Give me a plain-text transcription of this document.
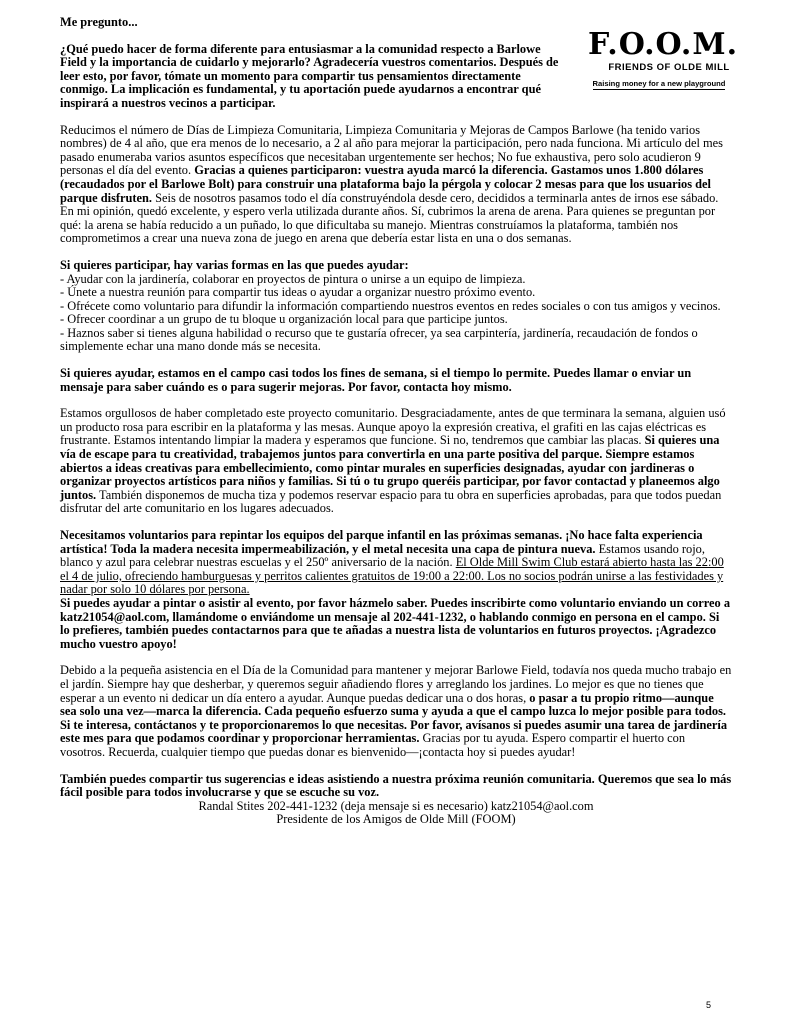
F.O.O.M.
FRIENDS OF OLDE MILL
Raising money for a new playground

Me pregunto...

¿Qué puedo hacer de forma diferente para entusiasmar a la comunidad respecto a Barlowe Field y la importancia de cuidarlo y mejorarlo? Agradecería vuestros comentarios. Después de leer esto, por favor, tómate un momento para compartir tus pensamientos directamente conmigo. La implicación es fundamental, y tu aportación puede ayudarnos a encontrar qué inspirará a nuestros vecinos a participar.

Reducimos el número de Días de Limpieza Comunitaria, Limpieza Comunitaria y Mejoras de Campos Barlowe (ha tenido varios nombres) de 4 al año, que era menos de lo necesario, a 2 al año para mejorar la participación, pero nada funciona. Mi artículo del mes pasado enumeraba varios asuntos específicos que necesitaban urgentemente ser hechos; No fue exhaustiva, pero solo acudieron 9 personas el día del evento. Gracias a quienes participaron: vuestra ayuda marcó la diferencia. Gastamos unos 1.800 dólares (recaudados por el Barlowe Bolt) para construir una plataforma bajo la pérgola y colocar 2 mesas para que los usuarios del parque disfruten. Seis de nosotros pasamos todo el día construyéndola desde cero, decididos a terminarla antes de irnos ese sábado. En mi opinión, quedó excelente, y espero verla utilizada durante años. Sí, cubrimos la arena de arena. Para quienes se preguntan por qué: la arena se había reducido a un puñado, lo que dificultaba su manejo. Mientras construíamos la plataforma, también nos comprometimos a crear una nueva zona de juego en arena que debería estar lista en una o dos semanas.

Si quieres participar, hay varias formas en las que puedes ayudar:

- Ayudar con la jardinería, colaborar en proyectos de pintura o unirse a un equipo de limpieza.
- Únete a nuestra reunión para compartir tus ideas o ayudar a organizar nuestro próximo evento.
- Ofrécete como voluntario para difundir la información compartiendo nuestros eventos en redes sociales o con tus amigos y vecinos.
- Ofrecer coordinar a un grupo de tu bloque u organización local para que participe juntos.
- Haznos saber si tienes alguna habilidad o recurso que te gustaría ofrecer, ya sea carpintería, jardinería, recaudación de fondos o simplemente echar una mano donde más se necesita.

Si quieres ayudar, estamos en el campo casi todos los fines de semana, si el tiempo lo permite. Puedes llamar o enviar un mensaje para saber cuándo es o para sugerir mejoras. Por favor, contacta hoy mismo.

Estamos orgullosos de haber completado este proyecto comunitario. Desgraciadamente, antes de que terminara la semana, alguien usó un producto rosa para escribir en la plataforma y las mesas. Aunque apoyo la expresión creativa, el grafiti en las cajas eléctricas es frustrante. Estamos intentando limpiar la madera y esperamos que funcione. Si no, tendremos que cambiar las placas. Si quieres una vía de escape para tu creatividad, trabajemos juntos para convertirla en una parte positiva del parque. Siempre estamos abiertos a ideas creativas para embellecimiento, como pintar murales en superficies designadas, ayudar con jardineras o organizar proyectos artísticos para niños y familias. Si tú o tu grupo queréis participar, por favor contactad y planeemos algo juntos. También disponemos de mucha tiza y podemos reservar espacio para tu obra en superficies aprobadas, para que todos puedan disfrutar del arte comunitario en los lugares adecuados.

Necesitamos voluntarios para repintar los equipos del parque infantil en las próximas semanas. ¡No hace falta experiencia artística! Toda la madera necesita impermeabilización, y el metal necesita una capa de pintura nueva. Estamos usando rojo, blanco y azul para celebrar nuestras escuelas y el 250º aniversario de la nación. El Olde Mill Swim Club estará abierto hasta las 22:00 el 4 de julio, ofreciendo hamburguesas y perritos calientes gratuitos de 19:00 a 22:00. Los no socios podrán unirse a las festividades y nadar por solo 10 dólares por persona.

Si puedes ayudar a pintar o asistir al evento, por favor házmelo saber. Puedes inscribirte como voluntario enviando un correo a katz21054@aol.com, llamándome o enviándome un mensaje al 202-441-1232, o hablando conmigo en persona en el campo. Si lo prefieres, también puedes contactarnos para que te añadas a nuestra lista de voluntarios en futuros proyectos. ¡Agradezco mucho vuestro apoyo!

Debido a la pequeña asistencia en el Día de la Comunidad para mantener y mejorar Barlowe Field, todavía nos queda mucho trabajo en el jardín. Siempre hay que desherbar, y queremos seguir añadiendo flores y arreglando los jardines. Lo mejor es que no tienes que esperar a un evento ni dedicar un día entero a ayudar. Aunque puedas dedicar una o dos horas, o pasar a tu propio ritmo—aunque sea solo una vez—marca la diferencia. Cada pequeño esfuerzo suma y ayuda a que el campo luzca lo mejor posible para todos. Si te interesa, contáctanos y te proporcionaremos lo que necesitas. Por favor, avísanos si puedes asumir una tarea de jardinería este mes para que podamos coordinar y proporcionar herramientas. Gracias por tu ayuda. Espero compartir el huerto con vosotros. Recuerda, cualquier tiempo que puedas donar es bienvenido—¡contacta hoy si puedes ayudar!

También puedes compartir tus sugerencias e ideas asistiendo a nuestra próxima reunión comunitaria. Queremos que sea lo más fácil posible para todos involucrarse y que se escuche su voz.

Randal Stites 202-441-1232 (deja mensaje si es necesario) katz21054@aol.com

Presidente de los Amigos de Olde Mill (FOOM)

5
